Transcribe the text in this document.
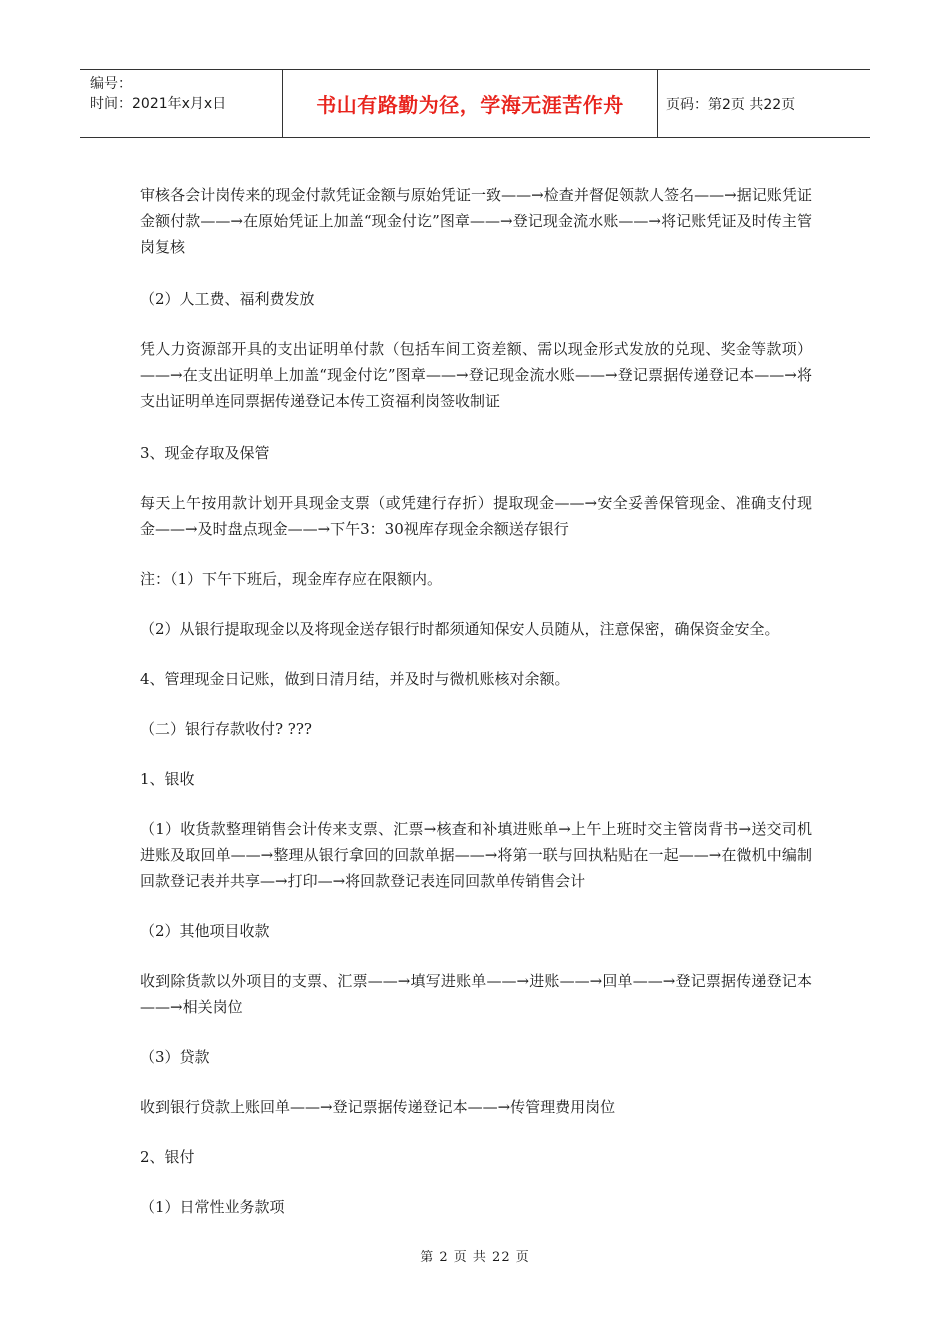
编号：
时间：2021年x月x日	书山有路勤为径，学海无涯苦作舟	页码：第2页 共22页

审核各会计岗传来的现金付款凭证金额与原始凭证一致——→检查并督促领款人签名——→据记账凭证金额付款——→在原始凭证上加盖“现金付讫”图章——→登记现金流水账——→将记账凭证及时传主管岗复核

（2）人工费、福利费发放

凭人力资源部开具的支出证明单付款（包括车间工资差额、需以现金形式发放的兑现、奖金等款项）——→在支出证明单上加盖“现金付讫”图章——→登记现金流水账——→登记票据传递登记本——→将支出证明单连同票据传递登记本传工资福利岗签收制证

3、现金存取及保管

每天上午按用款计划开具现金支票（或凭建行存折）提取现金——→安全妥善保管现金、准确支付现金——→及时盘点现金——→下午3：30视库存现金余额送存银行

注：（1）下午下班后，现金库存应在限额内。

（2）从银行提取现金以及将现金送存银行时都须通知保安人员随从，注意保密，确保资金安全。

4、管理现金日记账，做到日清月结，并及时与微机账核对余额。

（二）银行存款收付? ???

1、银收

（1）收货款整理销售会计传来支票、汇票→核查和补填进账单→上午上班时交主管岗背书→送交司机进账及取回单——→整理从银行拿回的回款单据——→将第一联与回执粘贴在一起——→在微机中编制回款登记表并共享—→打印—→将回款登记表连同回款单传销售会计

（2）其他项目收款

收到除货款以外项目的支票、汇票——→填写进账单——→进账——→回单——→登记票据传递登记本——→相关岗位

（3）贷款

收到银行贷款上账回单——→登记票据传递登记本——→传管理费用岗位

2、银付

（1）日常性业务款项

第 2 页 共 22 页
